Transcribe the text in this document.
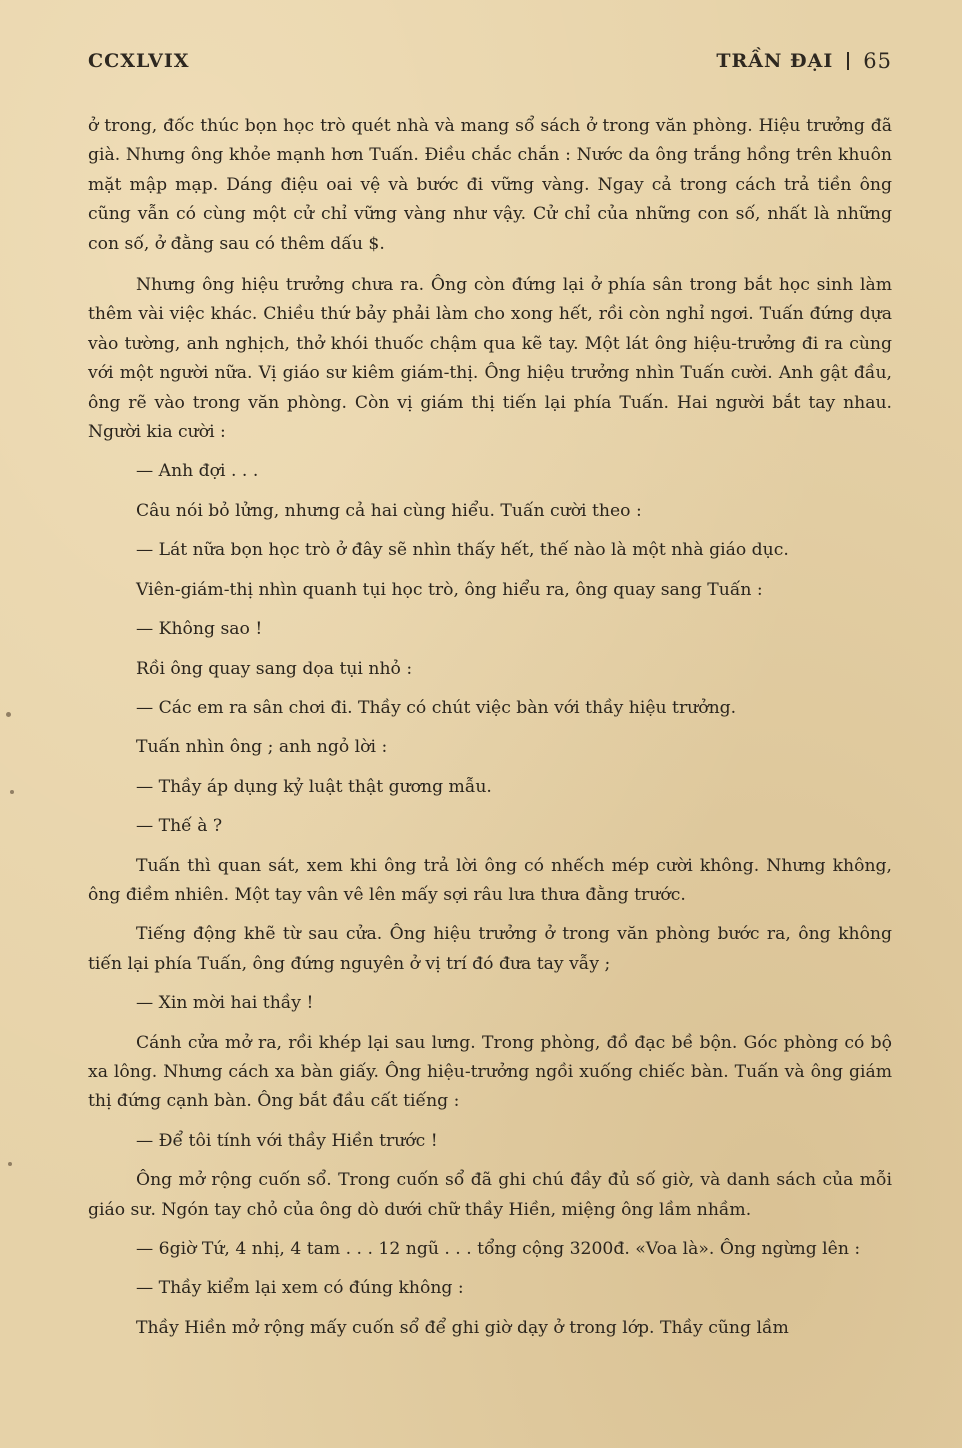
CCXLVIX	TRẦN ĐẠI 65

ở trong, đốc thúc bọn học trò quét nhà và mang sổ sách ở trong văn phòng. Hiệu trưởng đã già. Nhưng ông khỏe mạnh hơn Tuấn. Điều chắc chắn : Nước da ông trắng hồng trên khuôn mặt mập mạp. Dáng điệu oai vệ và bước đi vững vàng. Ngay cả trong cách trả tiền ông cũng vẫn có cùng một cử chỉ vững vàng như vậy. Cử chỉ của những con số, nhất là những con số, ở đằng sau có thêm dấu $.

Nhưng ông hiệu trưởng chưa ra. Ông còn đứng lại ở phía sân trong bắt học sinh làm thêm vài việc khác. Chiều thứ bảy phải làm cho xong hết, rồi còn nghỉ ngơi. Tuấn đứng dựa vào tường, anh nghịch, thở khói thuốc chậm qua kẽ tay. Một lát ông hiệu-trưởng đi ra cùng với một người nữa. Vị giáo sư kiêm giám-thị. Ông hiệu trưởng nhìn Tuấn cười. Anh gật đầu, ông rẽ vào trong văn phòng. Còn vị giám thị tiến lại phía Tuấn. Hai người bắt tay nhau. Người kia cười :

— Anh đợi . . .

Câu nói bỏ lửng, nhưng cả hai cùng hiểu. Tuấn cười theo :

— Lát nữa bọn học trò ở đây sẽ nhìn thấy hết, thế nào là một nhà giáo dục.

Viên-giám-thị nhìn quanh tụi học trò, ông hiểu ra, ông quay sang Tuấn :

— Không sao !

Rồi ông quay sang dọa tụi nhỏ :

— Các em ra sân chơi đi. Thầy có chút việc bàn với thầy hiệu trưởng.

Tuấn nhìn ông ; anh ngỏ lời :

— Thầy áp dụng kỷ luật thật gương mẫu.

— Thế à ?

Tuấn thì quan sát, xem khi ông trả lời ông có nhếch mép cười không. Nhưng không, ông điềm nhiên. Một tay vân vê lên mấy sợi râu lưa thưa đằng trước.

Tiếng động khẽ từ sau cửa. Ông hiệu trưởng ở trong văn phòng bước ra, ông không tiến lại phía Tuấn, ông đứng nguyên ở vị trí đó đưa tay vẫy ;

— Xin mời hai thầy !

Cánh cửa mở ra, rồi khép lại sau lưng. Trong phòng, đồ đạc bề bộn. Góc phòng có bộ xa lông. Nhưng cách xa bàn giấy. Ông hiệu-trưởng ngồi xuống chiếc bàn. Tuấn và ông giám thị đứng cạnh bàn. Ông bắt đầu cất tiếng :

— Để tôi tính với thầy Hiền trước !

Ông mở rộng cuốn sổ. Trong cuốn sổ đã ghi chú đầy đủ số giờ, và danh sách của mỗi giáo sư. Ngón tay chỏ của ông dò dưới chữ thầy Hiền, miệng ông lầm nhầm.

— 6giờ Tứ, 4 nhị, 4 tam . . . 12 ngũ . . . tổng cộng 3200đ. «Voa là». Ông ngừng lên :

— Thầy kiểm lại xem có đúng không :

Thầy Hiền mở rộng mấy cuốn sổ để ghi giờ dạy ở trong lớp. Thầy cũng lầm
